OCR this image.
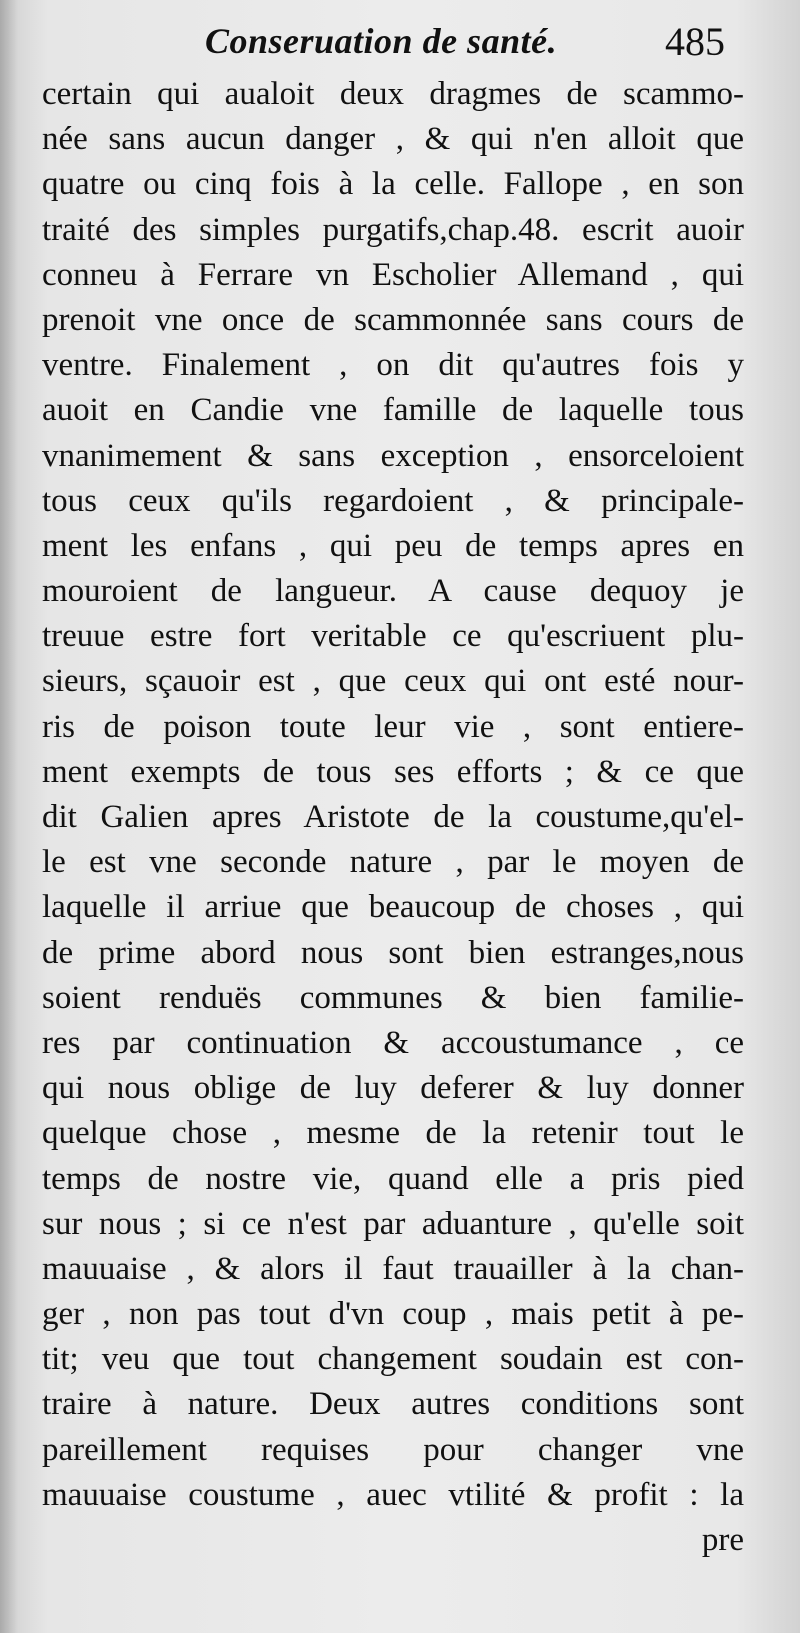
Conseruation de santé.	485
certain qui aualoit deux dragmes de scammo-
née sans aucun danger , & qui n'en alloit que
quatre ou cinq fois à la celle. Fallope , en son
traité des simples purgatifs,chap.48. escrit auoir
conneu à Ferrare vn Escholier Allemand , qui
prenoit vne once de scammonnée sans cours de
ventre. Finalement , on dit qu'autres fois y
auoit en Candie vne famille de laquelle tous
vnanimement & sans exception , ensorceloient
tous ceux qu'ils regardoient , & principale-
ment les enfans , qui peu de temps apres en
mouroient de langueur. A cause dequoy je
treuue estre fort veritable ce qu'escriuent plu-
sieurs, sçauoir est , que ceux qui ont esté nour-
ris de poison toute leur vie , sont entiere-
ment exempts de tous ses efforts ; & ce que
dit Galien apres Aristote de la coustume,qu'el-
le est vne seconde nature , par le moyen de
laquelle il arriue que beaucoup de choses , qui
de prime abord nous sont bien estranges,nous
soient renduës communes & bien familie-
res par continuation & accoustumance , ce
qui nous oblige de luy deferer & luy donner
quelque chose , mesme de la retenir tout le
temps de nostre vie, quand elle a pris pied
sur nous ; si ce n'est par aduanture , qu'elle soit
mauuaise , & alors il faut trauailler à la chan-
ger , non pas tout d'vn coup , mais petit à pe-
tit; veu que tout changement soudain est con-
traire à nature. Deux autres conditions sont
pareillement requises pour changer vne
mauuaise coustume , auec vtilité & profit : la
pre
